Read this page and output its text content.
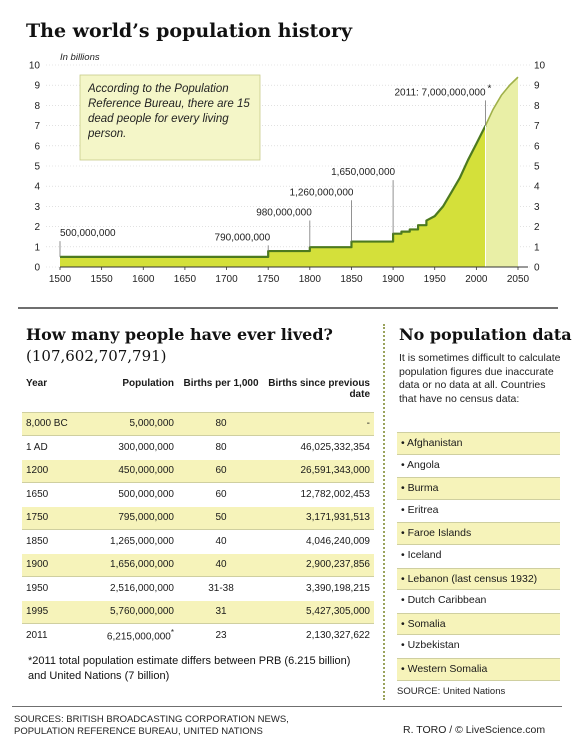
The world’s population history
0	0
1	1
2	2
3	3
4	4
5	5
6	6
7	7
8	8
9	9
10	10
In billions
1500 1550 1600 1650 1700 1750 1800 1850 1900 1950 2000 2050
500,000,000	790,000,000
980,000,000
1,260,000,000
1,650,000,000
2011: 7,000,000,000 *
According to the Population Reference Bureau, there are 15 dead people for every living person.
How many people have ever lived?
(107,602,707,791)
Year	Population	Births per 1,000	Births since previous date
8,000 BC	5,000,000	80	-
1 AD	300,000,000	80	46,025,332,354
1200	450,000,000	60	26,591,343,000
1650	500,000,000	60	12,782,002,453
1750	795,000,000	50	3,171,931,513
1850	1,265,000,000	40	4,046,240,009
1900	1,656,000,000	40	2,900,237,856
1950	2,516,000,000	31-38	3,390,198,215
1995	5,760,000,000	31	5,427,305,000
2011	6,215,000,000*	23	2,130,327,622
*2011 total population estimate differs between PRB (6.215 billion) and United Nations (7 billion)
No population data
It is sometimes difficult to calculate population figures due inaccurate data or no data at all. Countries that have no census data:
• Afghanistan
• Angola
• Burma
• Eritrea
• Faroe Islands
• Iceland
• Lebanon (last census 1932)
• Dutch Caribbean
• Somalia
• Uzbekistan
• Western Somalia
SOURCE: United Nations
SOURCES: BRITISH BROADCASTING CORPORATION NEWS, POPULATION REFERENCE BUREAU, UNITED NATIONS	R. TORO / © LiveScience.com
